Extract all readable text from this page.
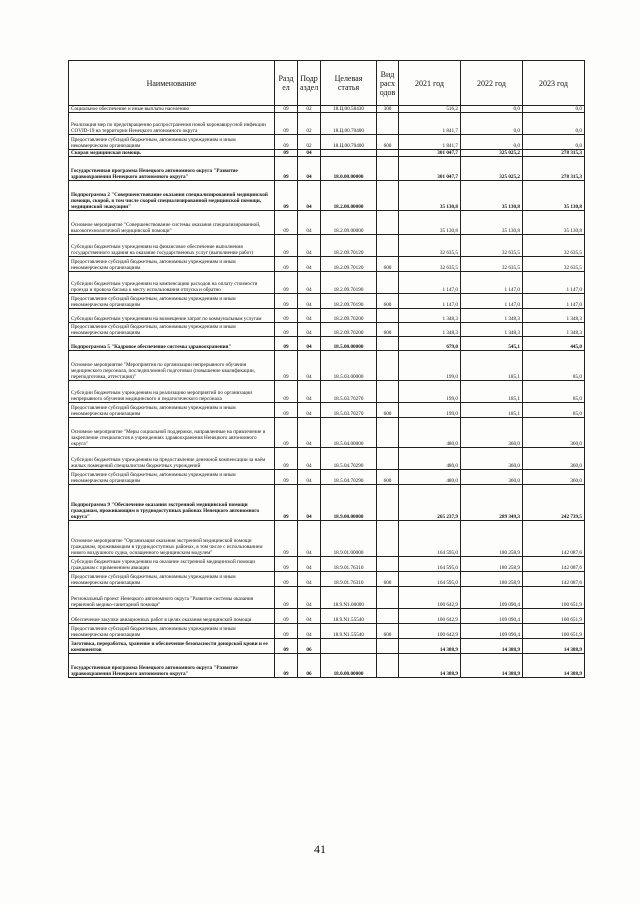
Наименование	Разд ел	Подр аздел	Целевая статья	Вид расх одов	2021 год	2022 год	2023 год
Социальное обеспечение и иные выплаты населению	09	02	18.Ц.00.58430	300	516,2	0,0	0,0
Реализация мер по предотвращению распространения новой коронавирусной инфекции COVID-19 на территории Ненецкого автономного округа	09	02	18.Ц.00.70400		1 841,7	0,0	0,0
Предоставление субсидий бюджетным, автономным учреждениям и иным некоммерческим организациям	09	02	18.Ц.00.70400	600	1 841,7	0,0	0,0
Скорая медицинская помощь	09	04			301 047,7	325 025,2	278 315,3
Государственная программа Ненецкого автономного округа "Развитие здравоохранения Ненецкого автономного округа"	09	04	18.0.00.00000		301 047,7	325 025,2	278 315,3
Подпрограмма 2 "Совершенствование оказания специализированной медицинской помощи, скорой, в том числе скорой специализированной медицинской помощи, медицинской эвакуации"	09	04	18.2.00.00000		35 130,8	35 130,8	35 130,8
Основное мероприятие "Совершенствование системы оказания специализированной, высокотехнологичной медицинской помощи"	09	04	18.2.09.00000		35 130,8	35 130,8	35 130,8
Субсидии бюджетным учреждениям на финансовое обеспечение выполнения государственного задания на оказание государственных услуг (выполнение работ)	09	04	18.2.09.70120		32 635,5	32 635,5	32 635,5
Предоставление субсидий бюджетным, автономным учреждениям и иным некоммерческим организациям	09	04	18.2.09.70120	600	32 635,5	32 635,5	32 635,5
Субсидии бюджетным учреждениям на компенсацию расходов на оплату стоимости проезда и провоза багажа к месту использования отпуска и обратно	09	04	18.2.09.70190		1 147,0	1 147,0	1 147,0
Предоставление субсидий бюджетным, автономным учреждениям и иным некоммерческим организациям	09	04	18.2.09.70190	600	1 147,0	1 147,0	1 147,0
Субсидии бюджетным учреждениям на возмещение затрат по коммунальным услугам	09	04	18.2.09.70200		1 348,3	1 348,3	1 348,3
Предоставление субсидий бюджетным, автономным учреждениям и иным некоммерческим организациям	09	04	18.2.09.70200	600	1 348,3	1 348,3	1 348,3
Подпрограмма 5 "Кадровое обеспечение системы здравоохранения"	09	04	18.5.00.00000		679,0	545,1	445,0
Основное мероприятие "Мероприятия по организации непрерывного обучения медицинского персонала, последипломной подготовки (повышение квалификации, переподготовка, аттестация)"	09	04	18.5.03.00000		199,0	185,1	85,0
Субсидии бюджетным учреждениям на реализацию мероприятий по организации непрерывного обучения медицинского и педагогического персонала	09	04	18.5.03.70270		199,0	185,1	85,0
Предоставление субсидий бюджетным, автономным учреждениям и иным некоммерческим организациям	09	04	18.5.03.70270	600	199,0	185,1	85,0
Основное мероприятие "Меры социальной поддержки, направленные на привлечение и закрепление специалистов в учреждениях здравоохранения Ненецкого автономного округа"	09	04	18.5.04.00000		480,0	360,0	360,0
Субсидии бюджетным учреждениям на предоставление денежной компенсации за наём жилых помещений специалистам бюджетных учреждений	09	04	18.5.04.70290		480,0	360,0	360,0
Предоставление субсидий бюджетным, автономным учреждениям и иным некоммерческим организациям	09	04	18.5.04.70290	600	480,0	360,0	360,0
Подпрограмма 9 "Обеспечение оказания экстренной медицинской помощи гражданам, проживающим в труднодоступных районах Ненецкого автономного округа"	09	04	18.9.00.00000		265 237,9	289 349,3	242 739,5
Основное мероприятие "Организация оказания экстренной медицинской помощи гражданам, проживающим в труднодоступных районах, в том числе с использованием нового воздушного судна, оснащенного медицинским модулем"	09	04	18.9.01.00000		164 595,0	180 258,9	142 087,6
Субсидии бюджетным учреждениям на оказание экстренной медицинской помощи гражданам с применением авиации	09	04	18.9.01.76310		164 595,0	180 258,9	142 087,6
Предоставление субсидий бюджетным, автономным учреждениям и иным некоммерческим организациям	09	04	18.9.01.76310	600	164 595,0	180 258,9	142 087,6
Региональный проект Ненецкого автономного округа "Развитие системы оказания первичной медико-санитарной помощи"	09	04	18.9.N1.00000		100 642,9	109 090,4	100 651,9
Обеспечение закупки авиационных работ в целях оказания медицинской помощи	09	04	18.9.N1.55540		100 642,9	109 090,4	100 651,9
Предоставление субсидий бюджетным, автономным учреждениям и иным некоммерческим организациям	09	04	18.9.N1.55540	600	100 642,9	109 090,4	100 651,9
Заготовка, переработка, хранение и обеспечение безопасности донорской крови и ее компонентов	09	06			14 388,9	14 388,9	14 388,9
Государственная программа Ненецкого автономного округа "Развитие здравоохранения Ненецкого автономного округа"	09	06	18.0.00.00000		14 388,9	14 388,9	14 388,9
41
